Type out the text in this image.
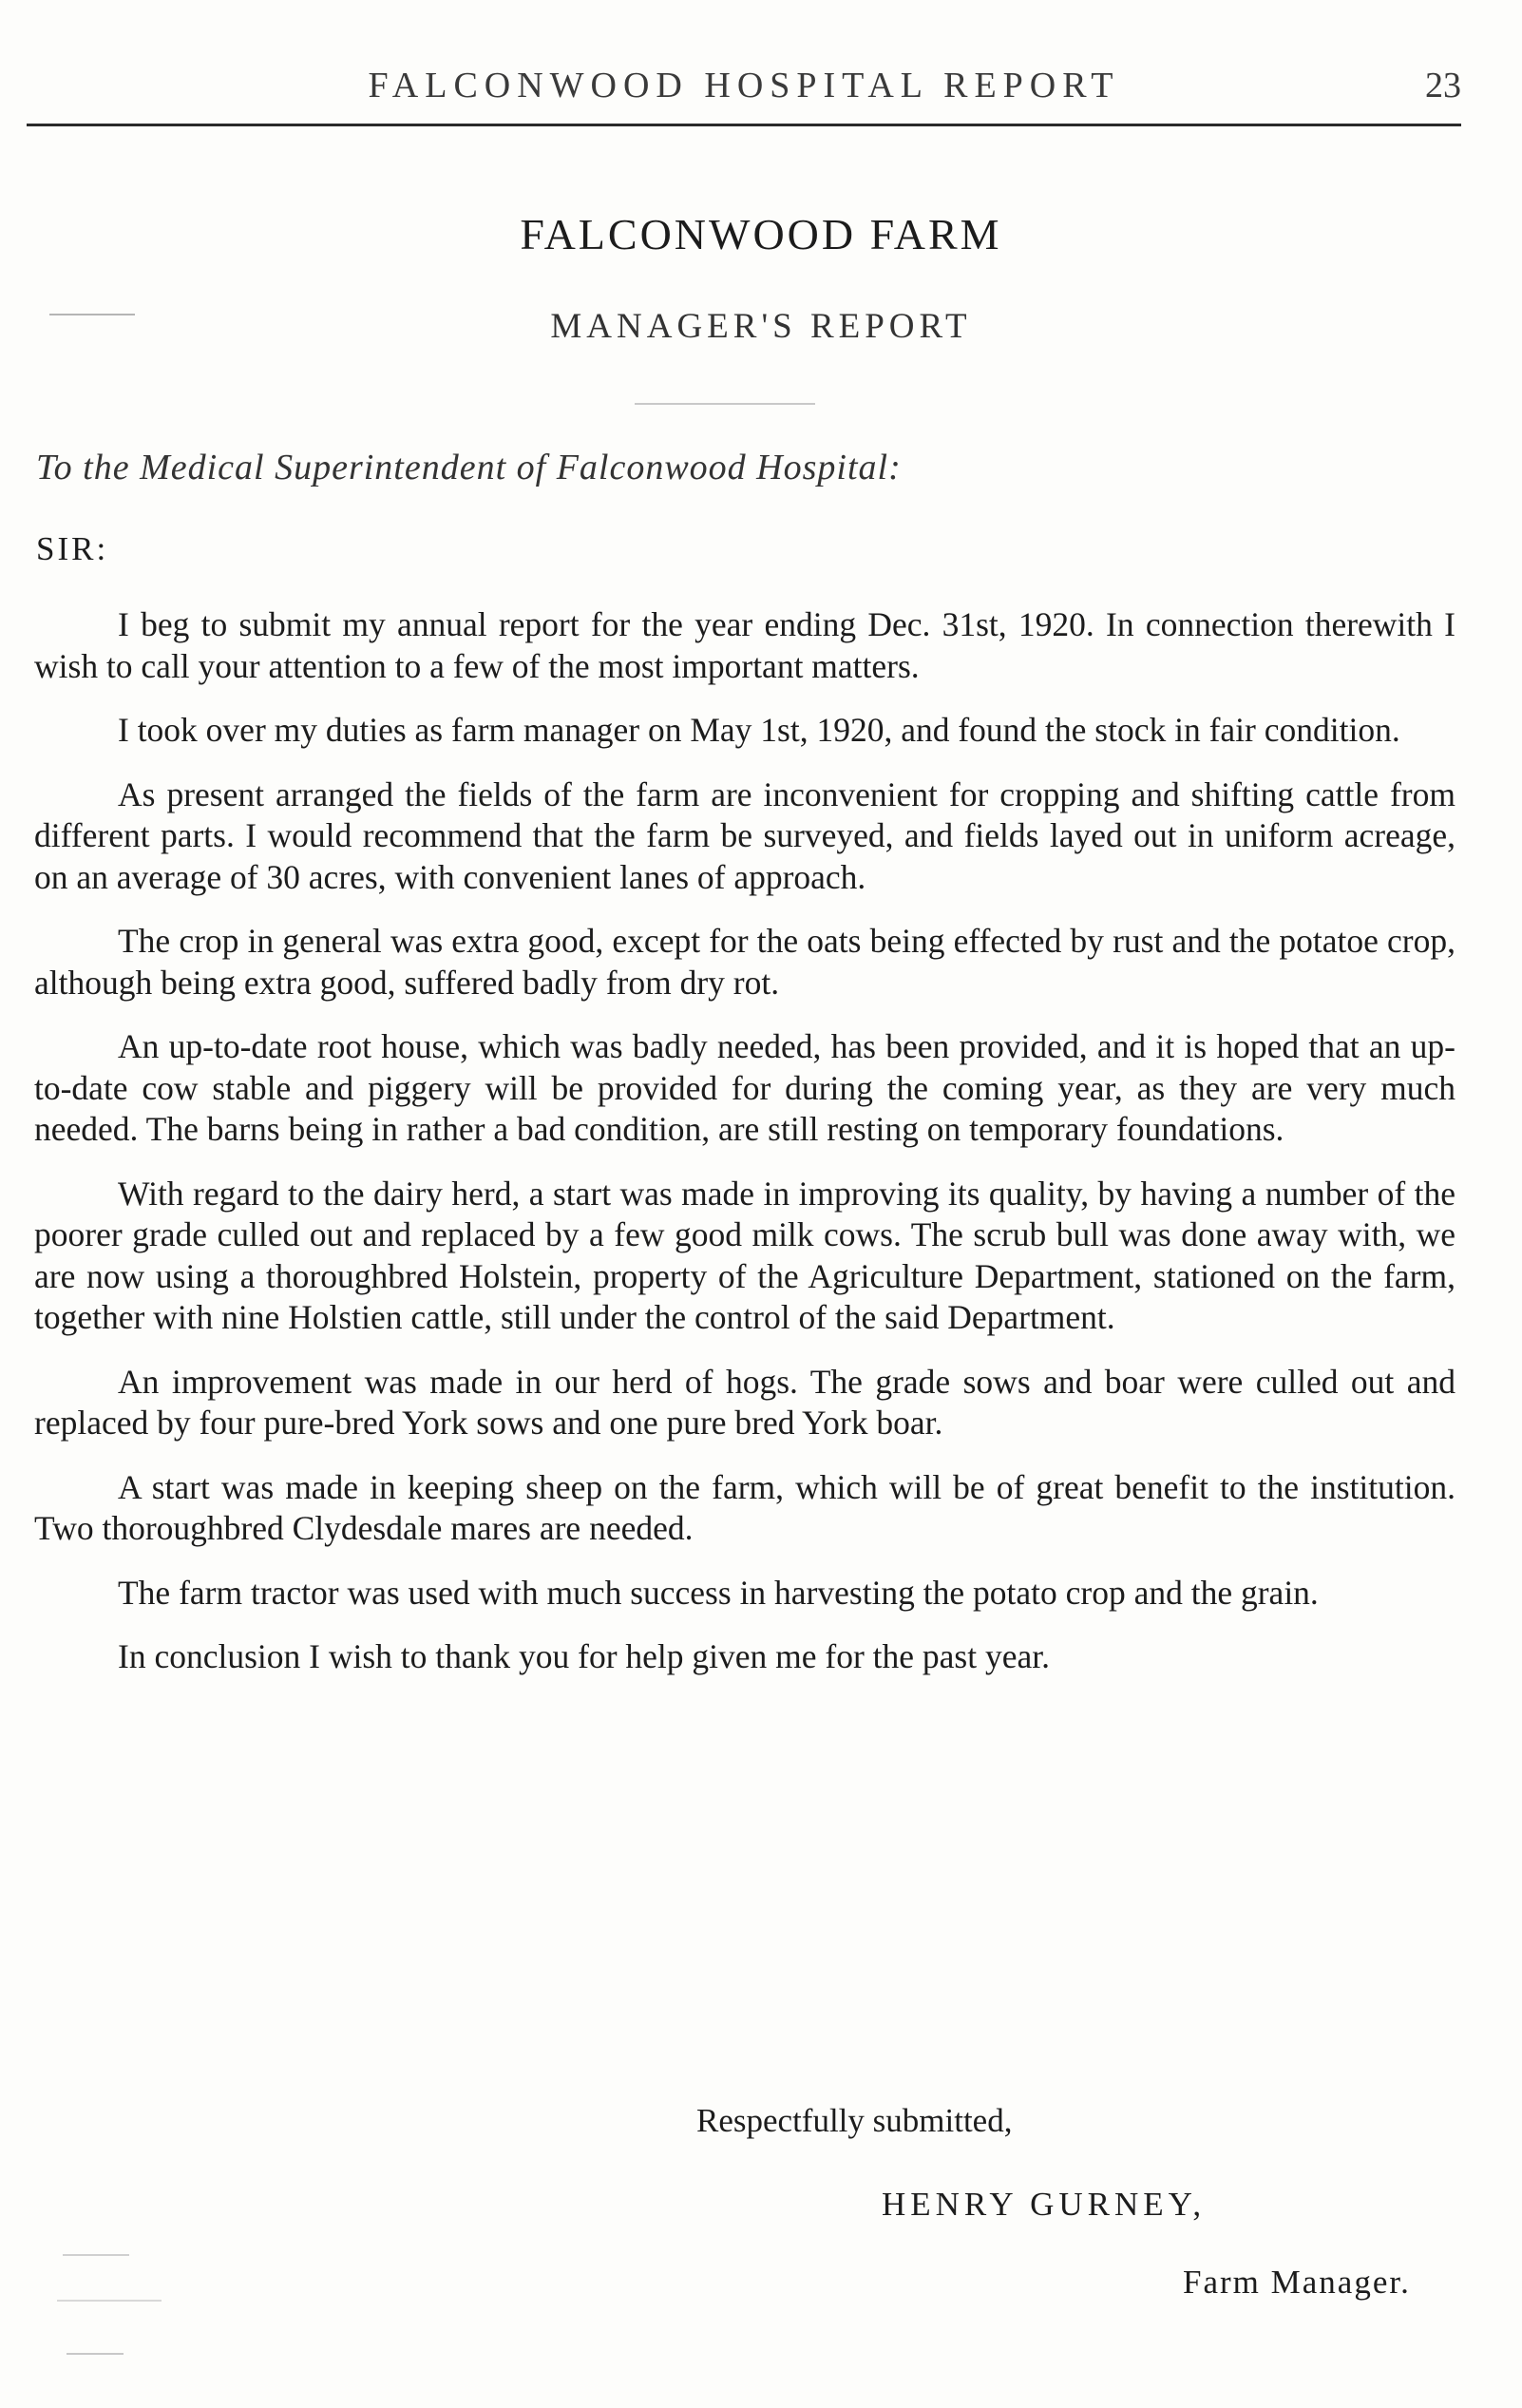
FALCONWOOD HOSPITAL REPORT	23
FALCONWOOD FARM
MANAGER'S REPORT
To the Medical Superintendent of Falconwood Hospital:
SIR:

I beg to submit my annual report for the year ending Dec. 31st, 1920. In connection therewith I wish to call your attention to a few of the most important matters.

I took over my duties as farm manager on May 1st, 1920, and found the stock in fair condition.

As present arranged the fields of the farm are inconvenient for cropping and shifting cattle from different parts. I would recommend that the farm be surveyed, and fields layed out in uniform acreage, on an average of 30 acres, with convenient lanes of approach.

The crop in general was extra good, except for the oats being effected by rust and the potatoe crop, although being extra good, suffered badly from dry rot.

An up-to-date root house, which was badly needed, has been provided, and it is hoped that an up-to-date cow stable and piggery will be provided for during the coming year, as they are very much needed. The barns being in rather a bad condition, are still resting on temporary foundations.

With regard to the dairy herd, a start was made in improving its quality, by having a number of the poorer grade culled out and replaced by a few good milk cows. The scrub bull was done away with, we are now using a thoroughbred Holstein, property of the Agriculture Department, stationed on the farm, together with nine Holstien cattle, still under the control of the said Department.

An improvement was made in our herd of hogs. The grade sows and boar were culled out and replaced by four pure-bred York sows and one pure bred York boar.

A start was made in keeping sheep on the farm, which will be of great benefit to the institution. Two thoroughbred Clydesdale mares are needed.

The farm tractor was used with much success in harvesting the potato crop and the grain.

In conclusion I wish to thank you for help given me for the past year.

Respectfully submitted,
HENRY GURNEY,
Farm Manager.
